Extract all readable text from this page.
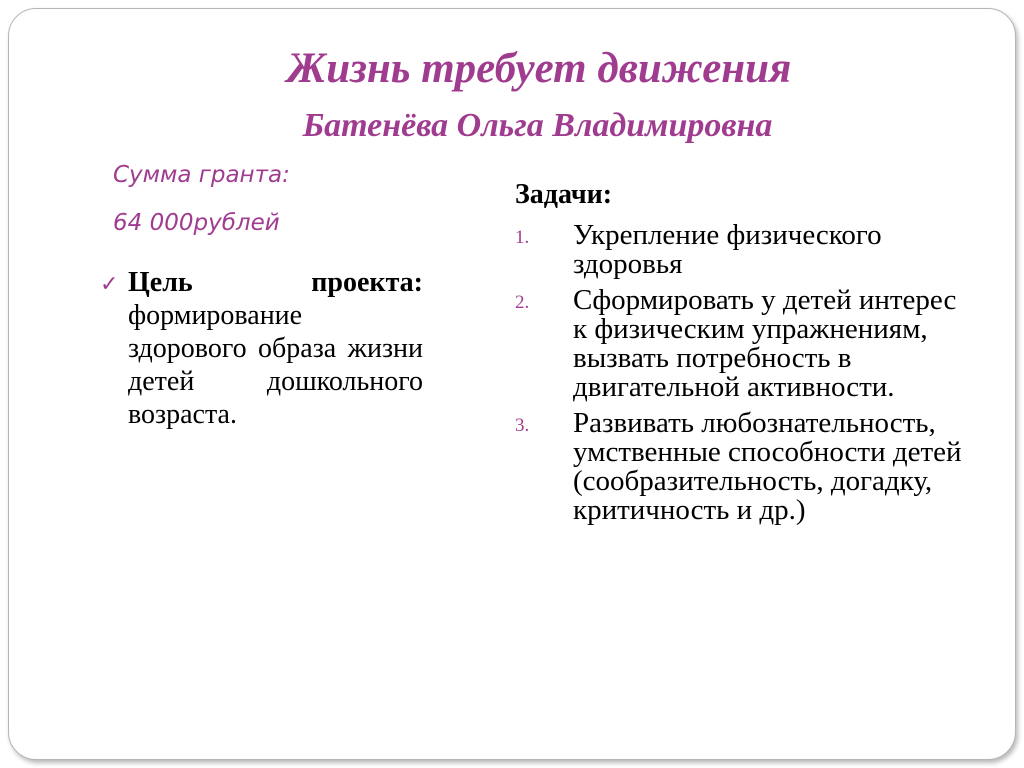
Жизнь требует движения
Батенёва Ольга Владимировна

Сумма гранта:

64 000рублей

✓ Цель проекта: формирование здорового образа жизни детей дошкольного возраста.

Задачи:

1.	Укрепление физического здоровья
2.	Сформировать у детей интерес к физическим упражнениям, вызвать потребность в двигательной активности.
3.	Развивать любознательность, умственные способности детей (сообразительность, догадку, критичность и др.)
